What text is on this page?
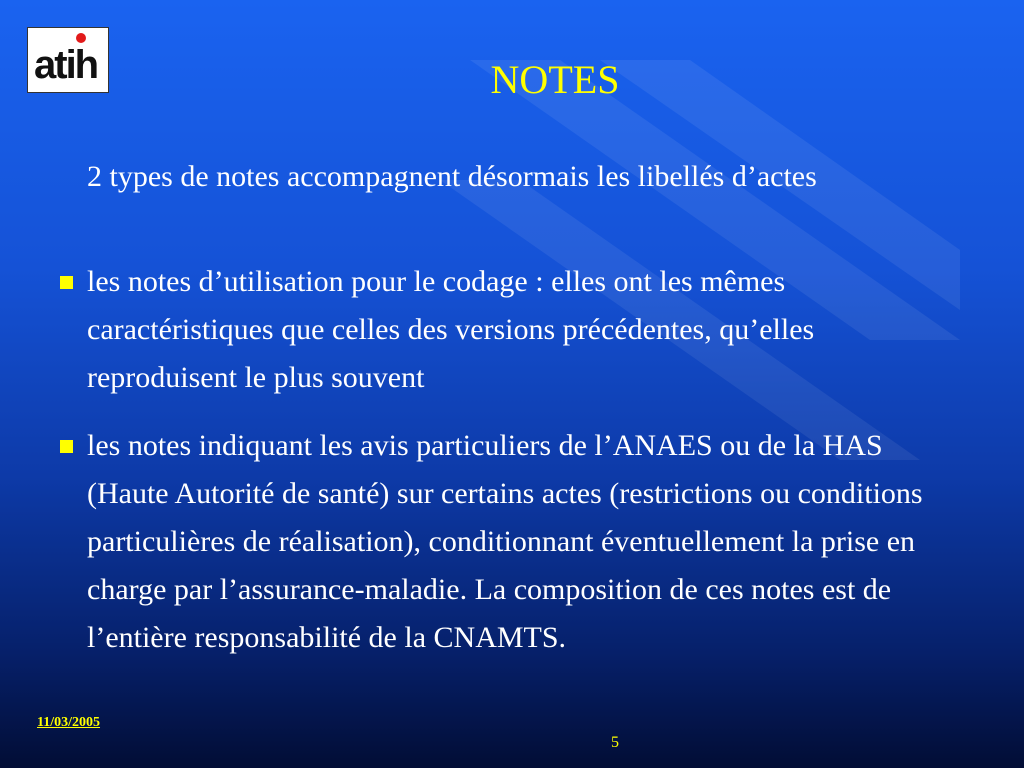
atih	NOTES

2 types de notes accompagnent désormais les libellés d’actes

les notes d’utilisation pour le codage : elles ont les mêmes caractéristiques que celles des versions précédentes, qu’elles reproduisent le plus souvent
les notes indiquant les avis particuliers de l’ANAES ou de la HAS (Haute Autorité de santé) sur certains actes (restrictions ou conditions particulières de réalisation), conditionnant éventuellement la prise en charge par l’assurance-maladie. La composition de ces notes est de l’entière responsabilité de la CNAMTS.
11/03/2005
5
